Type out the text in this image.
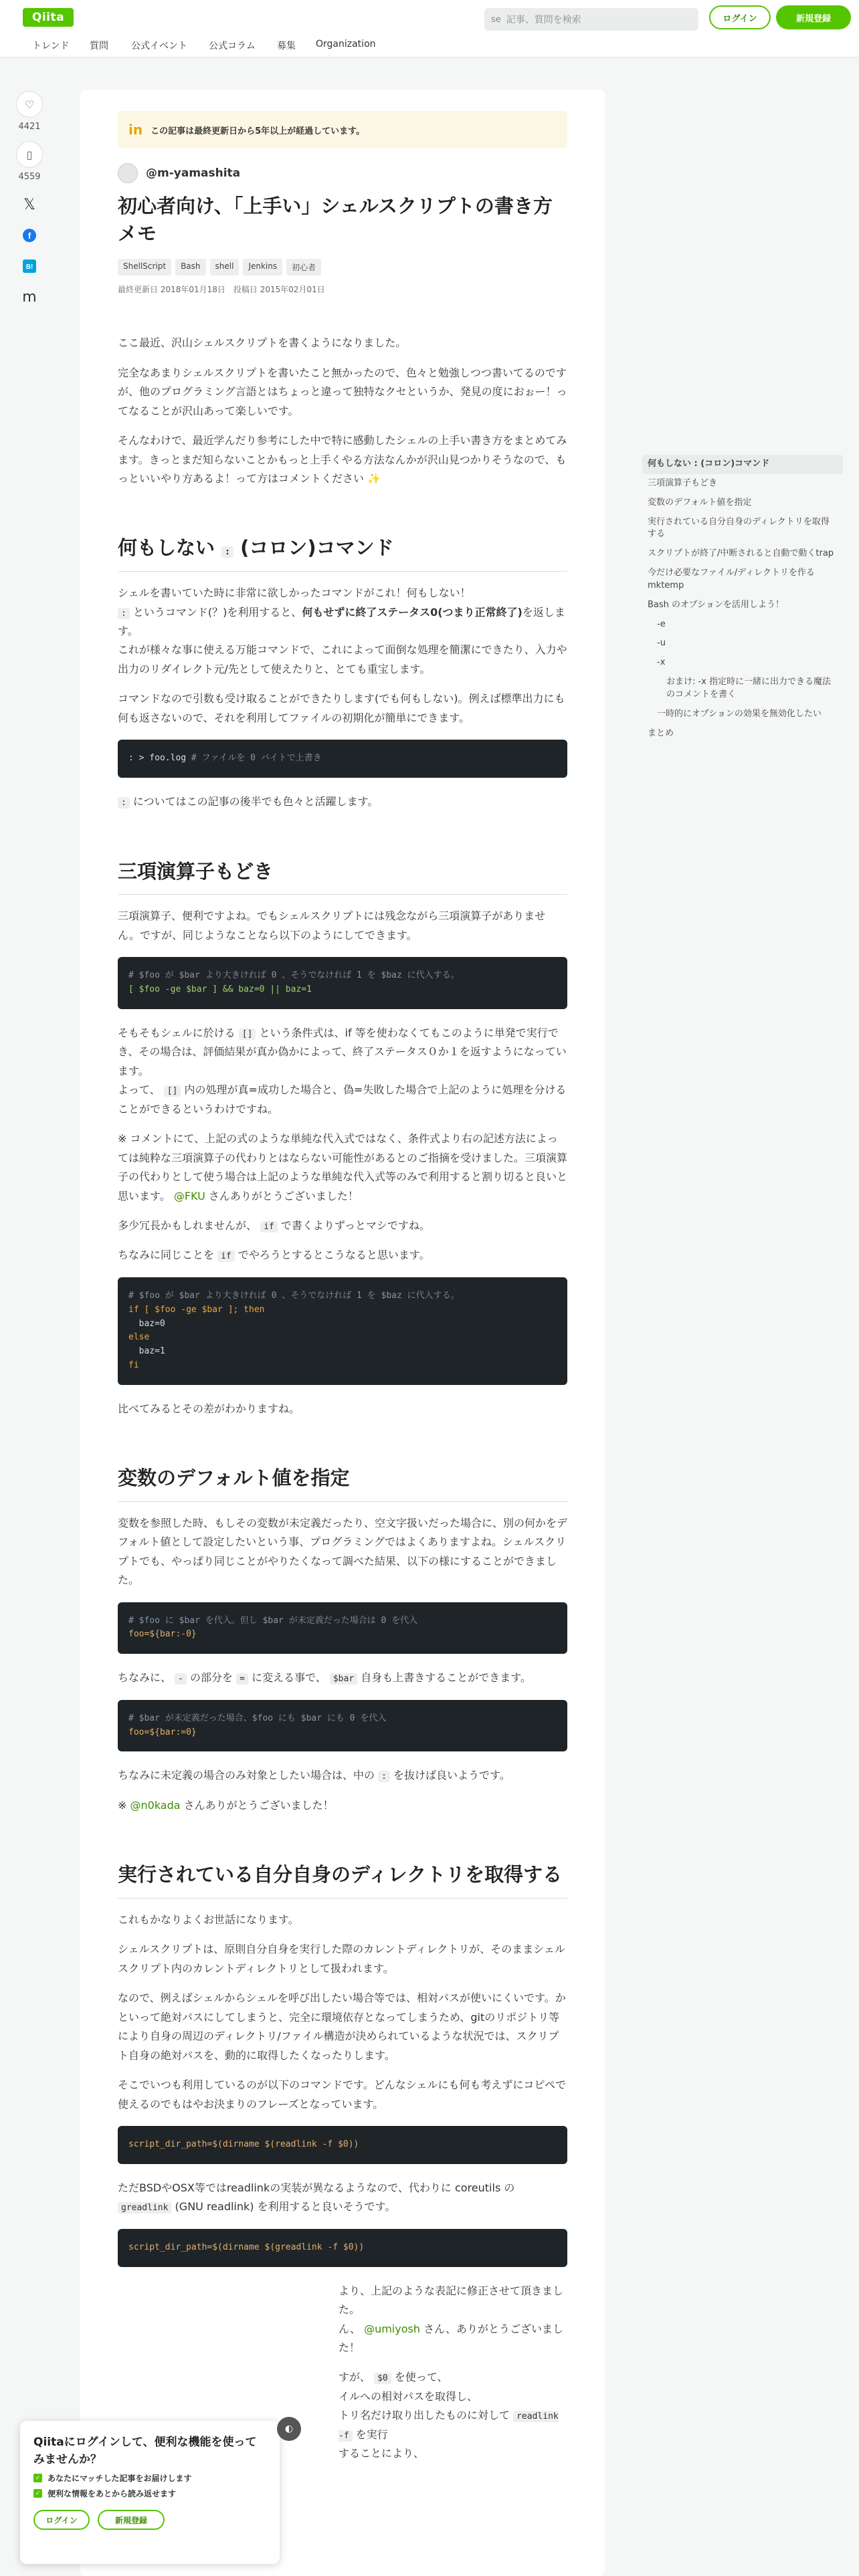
Qiita	se 記事、質問を検索	ログイン	新規登録
トレンド 質問 公式イベント 公式コラム 募集 Organization
♡
4421
▯
4559
𝕏
f
B!
m
in この記事は最終更新日から5年以上が経過しています。
@m-yamashita
初心者向け、「上手い」シェルスクリプトの書き方メモ
ShellScript	Bash	shell	Jenkins	初心者
最終更新日 2018年01月18日　投稿日 2015年02月01日

ここ最近、沢山シェルスクリプトを書くようになりました。

完全なあまりシェルスクリプトを書いたこと無かったので、色々と勉強しつつ書いてるのですが、他のプログラミング言語とはちょっと違って独特なクセというか、発見の度におぉー！ってなることが沢山あって楽しいです。

そんなわけで、最近学んだり参考にした中で特に感動したシェルの上手い書き方をまとめてみます。きっとまだ知らないことかもっと上手くやる方法なんかが沢山見つかりそうなので、もっといいやり方あるよ！って方はコメントください ✨

何もしない : (コロン)コマンド

シェルを書いていた時に非常に欲しかったコマンドがこれ！何もしない！
: というコマンド(？)を利用すると、何もせずに終了ステータス0(つまり正常終了)を返します。
これが様々な事に使える万能コマンドで、これによって面倒な処理を簡潔にできたり、入力や出力のリダイレクト元/先として使えたりと、とても重宝します。

コマンドなので引数も受け取ることができたりします(でも何もしない)。例えば標準出力にも何も返さないので、それを利用してファイルの初期化が簡単にできます。

: > foo.log # ファイルを 0 バイトで上書き

: についてはこの記事の後半でも色々と活躍します。

三項演算子もどき

三項演算子、便利ですよね。でもシェルスクリプトには残念ながら三項演算子がありません。ですが、同じようなことなら以下のようにしてできます。

# $foo が $bar より大きければ 0 、そうでなければ 1 を $baz に代入する。
[ $foo -ge $bar ] && baz=0 || baz=1

そもそもシェルに於ける [] という条件式は、if 等を使わなくてもこのように単発で実行でき、その場合は、評価結果が真か偽かによって、終了ステータス０か１を返すようになっています。
よって、 [] 内の処理が真=成功した場合と、偽=失敗した場合で上記のように処理を分けることができるというわけですね。

※ コメントにて、上記の式のような単純な代入式ではなく、条件式より右の記述方法によっては純粋な三項演算子の代わりとはならない可能性があるとのご指摘を受けました。三項演算子の代わりとして使う場合は上記のような単純な代入式等のみで利用すると割り切ると良いと思います。 @FKU さんありがとうございました！

多少冗長かもしれませんが、 if で書くよりずっとマシですね。

ちなみに同じことを if でやろうとするとこうなると思います。

# $foo が $bar より大きければ 0 、そうでなければ 1 を $baz に代入する。
if [ $foo -ge $bar ]; then
baz=0
else
baz=1
fi

比べてみるとその差がわかりますね。

変数のデフォルト値を指定

変数を参照した時、もしその変数が未定義だったり、空文字扱いだった場合に、別の何かをデフォルト値として設定したいという事、プログラミングではよくありますよね。シェルスクリプトでも、やっぱり同じことがやりたくなって調べた結果、以下の様にすることができました。

# $foo に $bar を代入。但し $bar が未定義だった場合は 0 を代入
foo=${bar:-0}

ちなみに、 - の部分を = に変える事で、 $bar 自身も上書きすることができます。

# $bar が未定義だった場合、$foo にも $bar にも 0 を代入
foo=${bar:=0}

ちなみに未定義の場合のみ対象としたい場合は、中の : を抜けば良いようです。

※ @n0kada さんありがとうございました！

実行されている自分自身のディレクトリを取得する

これもかなりよくお世話になります。

シェルスクリプトは、原則自分自身を実行した際のカレントディレクトリが、そのままシェルスクリプト内のカレントディレクトリとして扱われます。

なので、例えばシェルからシェルを呼び出したい場合等では、相対パスが使いにくいです。かといって絶対パスにしてしまうと、完全に環境依存となってしまうため、gitのリポジトリ等により自身の周辺のディレクトリ/ファイル構造が決められているような状況では、スクリプト自身の絶対パスを、動的に取得したくなったりします。

そこでいつも利用しているのが以下のコマンドです。どんなシェルにも何も考えずにコピペで使えるのでもはやお決まりのフレーズとなっています。

script_dir_path=$(dirname $(readlink -f $0))

ただBSDやOSX等ではreadlinkの実装が異なるようなので、代わりに coreutils の greadlink (GNU readlink) を利用すると良いそうです。

script_dir_path=$(dirname $(greadlink -f $0))

より、上記のような表記に修正させて頂きました。
ん、 @umiyosh さん、ありがとうございました！

すが、 $0 を使って、
イルへの相対パスを取得し、
トリ名だけ取り出したものに対して readlink -f を実行
することにより、

何もしない : (コロン)コマンド
三項演算子もどき
変数のデフォルト値を指定
実行されている自分自身のディレクトリを取得する
スクリプトが終了/中断されると自動で動くtrap
今だけ必要なファイル/ディレクトリを作るmktemp
Bash のオプションを活用しよう！
-e
-u
-x
おまけ: -x 指定時に一緒に出力できる魔法のコメントを書く
一時的にオプションの効果を無効化したい
まとめ
◐
Qiitaにログインして、便利な機能を使ってみませんか？
✓ あなたにマッチした記事をお届けします
✓ 便利な情報をあとから読み返せます
ログイン	新規登録
